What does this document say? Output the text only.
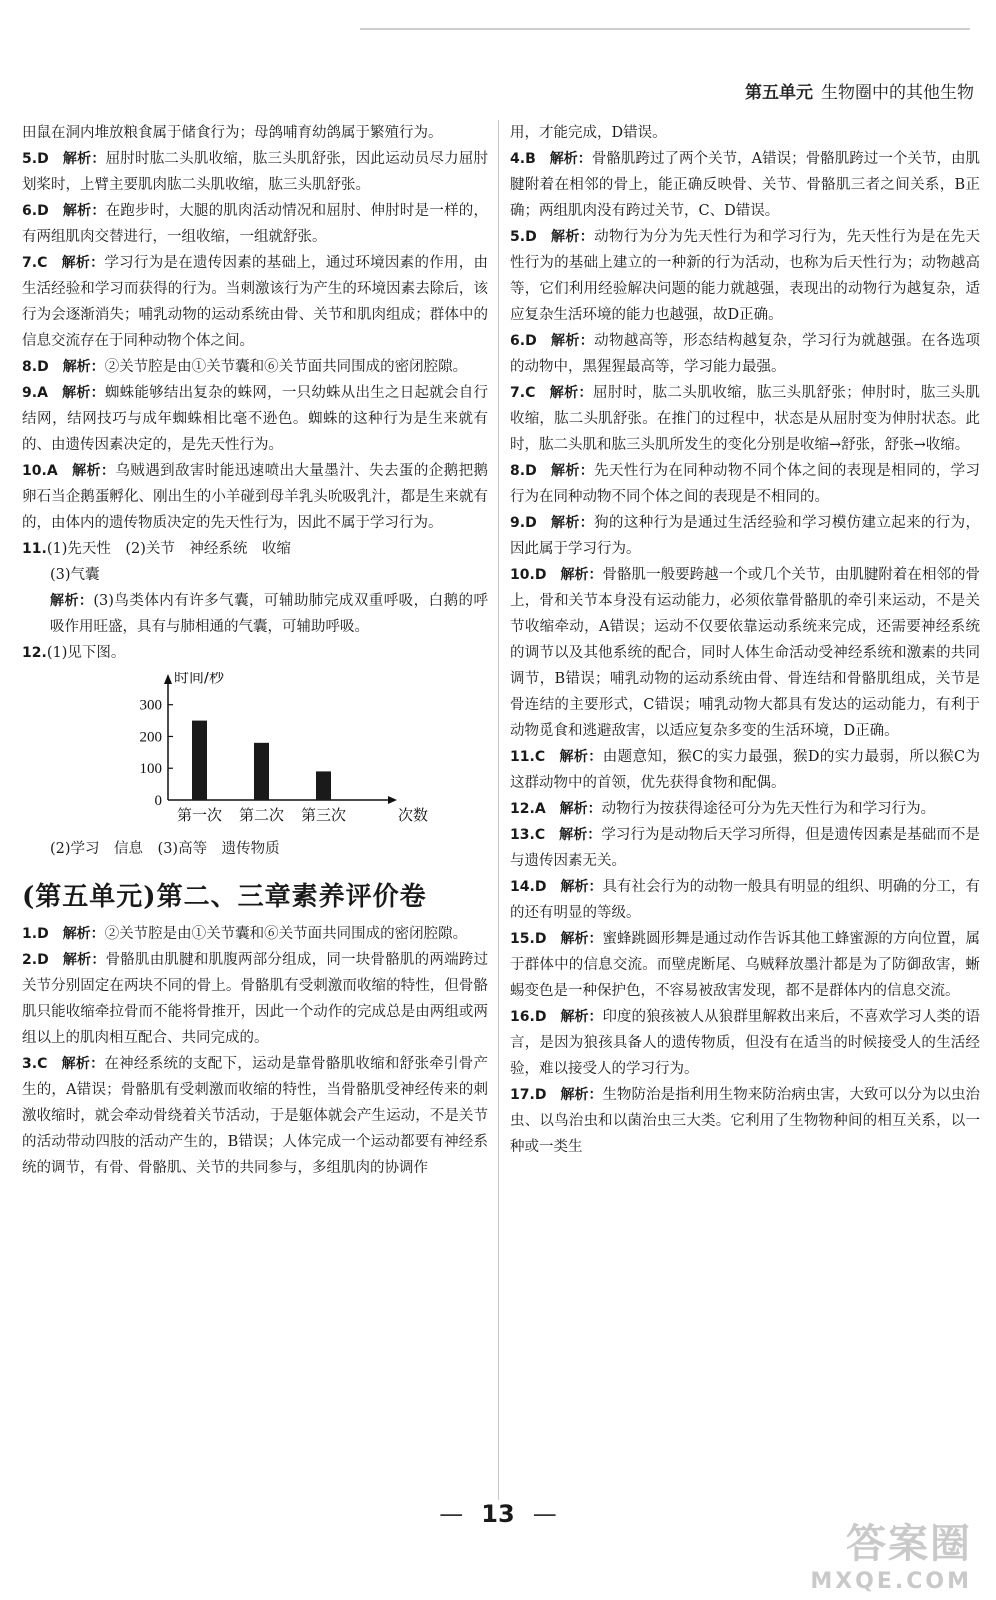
第五单元 生物圈中的其他生物
田鼠在洞内堆放粮食属于储食行为；母鸽哺育幼鸽属于繁殖行为。
5.D 解析：屈肘时肱二头肌收缩，肱三头肌舒张，因此运动员尽力屈肘划桨时，上臂主要肌肉肱二头肌收缩，肱三头肌舒张。
6.D 解析：在跑步时，大腿的肌肉活动情况和屈肘、伸肘时是一样的，有两组肌肉交替进行，一组收缩，一组就舒张。
7.C 解析：学习行为是在遗传因素的基础上，通过环境因素的作用，由生活经验和学习而获得的行为。当刺激该行为产生的环境因素去除后，该行为会逐渐消失；哺乳动物的运动系统由骨、关节和肌肉组成；群体中的信息交流存在于同种动物个体之间。
8.D 解析：②关节腔是由①关节囊和⑥关节面共同围成的密闭腔隙。
9.A 解析：蜘蛛能够结出复杂的蛛网，一只幼蛛从出生之日起就会自行结网，结网技巧与成年蜘蛛相比毫不逊色。蜘蛛的这种行为是生来就有的、由遗传因素决定的，是先天性行为。
10.A 解析：乌贼遇到敌害时能迅速喷出大量墨汁、失去蛋的企鹅把鹅卵石当企鹅蛋孵化、刚出生的小羊碰到母羊乳头吮吸乳汁，都是生来就有的，由体内的遗传物质决定的先天性行为，因此不属于学习行为。
11.(1)先天性　(2)关节　神经系统　收缩
(3)气囊
解析：(3)鸟类体内有许多气囊，可辅助肺完成双重呼吸，白鹅的呼吸作用旺盛，具有与肺相通的气囊，可辅助呼吸。
12.(1)见下图。
0
100
200
300
时间/秒
第一次 第二次 第三次	次数
(2)学习　信息　(3)高等　遗传物质
(第五单元)第二、三章素养评价卷
1.D 解析：②关节腔是由①关节囊和⑥关节面共同围成的密闭腔隙。
2.D 解析：骨骼肌由肌腱和肌腹两部分组成，同一块骨骼肌的两端跨过关节分别固定在两块不同的骨上。骨骼肌有受刺激而收缩的特性，但骨骼肌只能收缩牵拉骨而不能将骨推开，因此一个动作的完成总是由两组或两组以上的肌肉相互配合、共同完成的。
3.C 解析：在神经系统的支配下，运动是靠骨骼肌收缩和舒张牵引骨产生的，A错误；骨骼肌有受刺激而收缩的特性，当骨骼肌受神经传来的刺激收缩时，就会牵动骨绕着关节活动，于是躯体就会产生运动，不是关节的活动带动四肢的活动产生的，B错误；人体完成一个运动都要有神经系统的调节，有骨、骨骼肌、关节的共同参与，多组肌肉的协调作
用，才能完成，D错误。
4.B 解析：骨骼肌跨过了两个关节，A错误；骨骼肌跨过一个关节，由肌腱附着在相邻的骨上，能正确反映骨、关节、骨骼肌三者之间关系，B正确；两组肌肉没有跨过关节，C、D错误。
5.D 解析：动物行为分为先天性行为和学习行为，先天性行为是在先天性行为的基础上建立的一种新的行为活动，也称为后天性行为；动物越高等，它们利用经验解决问题的能力就越强，表现出的动物行为越复杂，适应复杂生活环境的能力也越强，故D正确。
6.D 解析：动物越高等，形态结构越复杂，学习行为就越强。在各选项的动物中，黑猩猩最高等，学习能力最强。
7.C 解析：屈肘时，肱二头肌收缩，肱三头肌舒张；伸肘时，肱三头肌收缩，肱二头肌舒张。在推门的过程中，状态是从屈肘变为伸肘状态。此时，肱二头肌和肱三头肌所发生的变化分别是收缩→舒张，舒张→收缩。
8.D 解析：先天性行为在同种动物不同个体之间的表现是相同的，学习行为在同种动物不同个体之间的表现是不相同的。
9.D 解析：狗的这种行为是通过生活经验和学习模仿建立起来的行为，因此属于学习行为。
10.D 解析：骨骼肌一般要跨越一个或几个关节，由肌腱附着在相邻的骨上，骨和关节本身没有运动能力，必须依靠骨骼肌的牵引来运动，不是关节收缩牵动，A错误；运动不仅要依靠运动系统来完成，还需要神经系统的调节以及其他系统的配合，同时人体生命活动受神经系统和激素的共同调节，B错误；哺乳动物的运动系统由骨、骨连结和骨骼肌组成，关节是骨连结的主要形式，C错误；哺乳动物大都具有发达的运动能力，有利于动物觅食和逃避敌害，以适应复杂多变的生活环境，D正确。
11.C 解析：由题意知，猴C的实力最强，猴D的实力最弱，所以猴C为这群动物中的首领，优先获得食物和配偶。
12.A 解析：动物行为按获得途径可分为先天性行为和学习行为。
13.C 解析：学习行为是动物后天学习所得，但是遗传因素是基础而不是与遗传因素无关。
14.D 解析：具有社会行为的动物一般具有明显的组织、明确的分工，有的还有明显的等级。
15.D 解析：蜜蜂跳圆形舞是通过动作告诉其他工蜂蜜源的方向位置，属于群体中的信息交流。而壁虎断尾、乌贼释放墨汁都是为了防御敌害，蜥蜴变色是一种保护色，不容易被敌害发现，都不是群体内的信息交流。
16.D 解析：印度的狼孩被人从狼群里解救出来后，不喜欢学习人类的语言，是因为狼孩具备人的遗传物质，但没有在适当的时候接受人的生活经验，难以接受人的学习行为。
17.D 解析：生物防治是指利用生物来防治病虫害，大致可以分为以虫治虫、以鸟治虫和以菌治虫三大类。它利用了生物物种间的相互关系，以一种或一类生
— 13 —
答案圈
MXQE.COM
